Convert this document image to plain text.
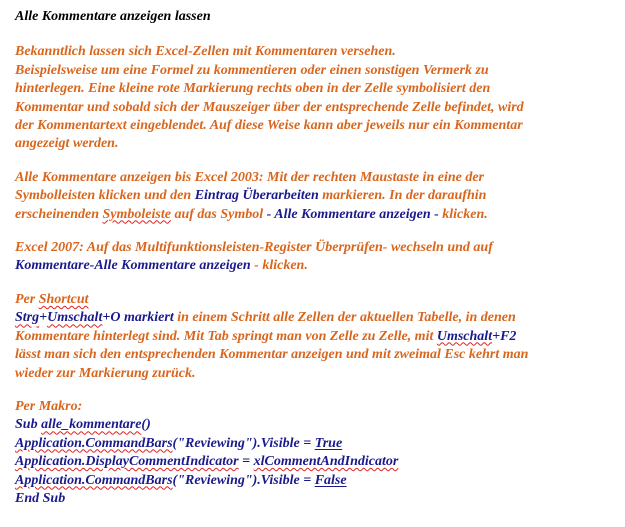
Alle Kommentare anzeigen lassen

Bekanntlich lassen sich Excel-Zellen mit Kommentaren versehen.
Beispielsweise um eine Formel zu kommentieren oder einen sonstigen Vermerk zu
hinterlegen. Eine kleine rote Markierung rechts oben in der Zelle symbolisiert den
Kommentar und sobald sich der Mauszeiger über der entsprechende Zelle befindet, wird
der Kommentartext eingeblendet. Auf diese Weise kann aber jeweils nur ein Kommentar
angezeigt werden.

Alle Kommentare anzeigen bis Excel 2003: Mit der rechten Maustaste in eine der
Symbolleisten klicken und den Eintrag Überarbeiten markieren. In der daraufhin
erscheinenden Symboleiste auf das Symbol - Alle Kommentare anzeigen - klicken.

Excel 2007: Auf das Multifunktionsleisten-Register Überprüfen- wechseln und auf
Kommentare-Alle Kommentare anzeigen - klicken.

Per Shortcut
Strg+Umschalt+O markiert in einem Schritt alle Zellen der aktuellen Tabelle, in denen
Kommentare hinterlegt sind. Mit Tab springt man von Zelle zu Zelle, mit Umschalt+F2
lässt man sich den entsprechenden Kommentar anzeigen und mit zweimal Esc kehrt man
wieder zur Markierung zurück.

Per Makro:
Sub alle_kommentare()
Application.CommandBars("Reviewing").Visible = True
Application.DisplayCommentIndicator = xlCommentAndIndicator
Application.CommandBars("Reviewing").Visible = False
End Sub
